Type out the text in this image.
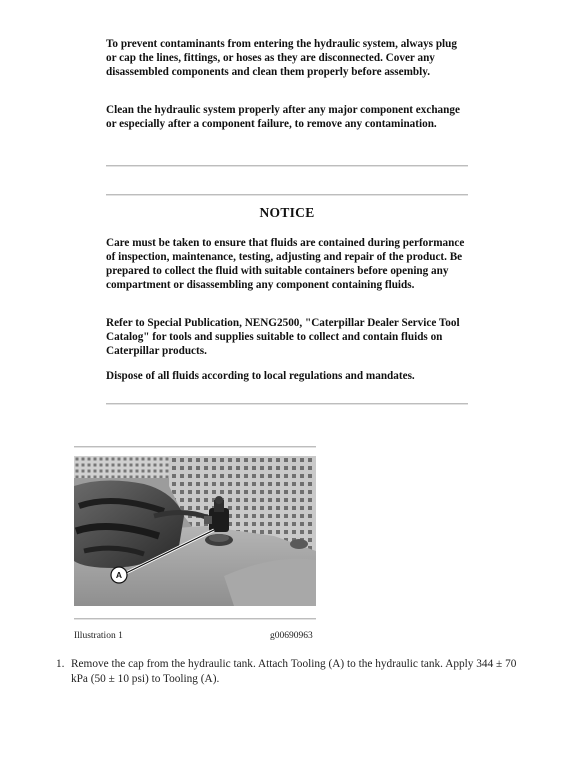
To prevent contaminants from entering the hydraulic system, always plug or cap the lines, fittings, or hoses as they are disconnected. Cover any disassembled components and clean them properly before assembly.

Clean the hydraulic system properly after any major component exchange or especially after a component failure, to remove any contamination.

NOTICE

Care must be taken to ensure that fluids are contained during performance of inspection, maintenance, testing, adjusting and repair of the product. Be prepared to collect the fluid with suitable containers before opening any compartment or disassembling any component containing fluids.

Refer to Special Publication, NENG2500, "Caterpillar Dealer Service Tool Catalog" for tools and supplies suitable to collect and contain fluids on Caterpillar products.

Dispose of all fluids according to local regulations and mandates.

A
Illustration 1	g00690963
1. Remove the cap from the hydraulic tank. Attach Tooling (A) to the hydraulic tank. Apply 344 ± 70 kPa (50 ± 10 psi) to Tooling (A).
